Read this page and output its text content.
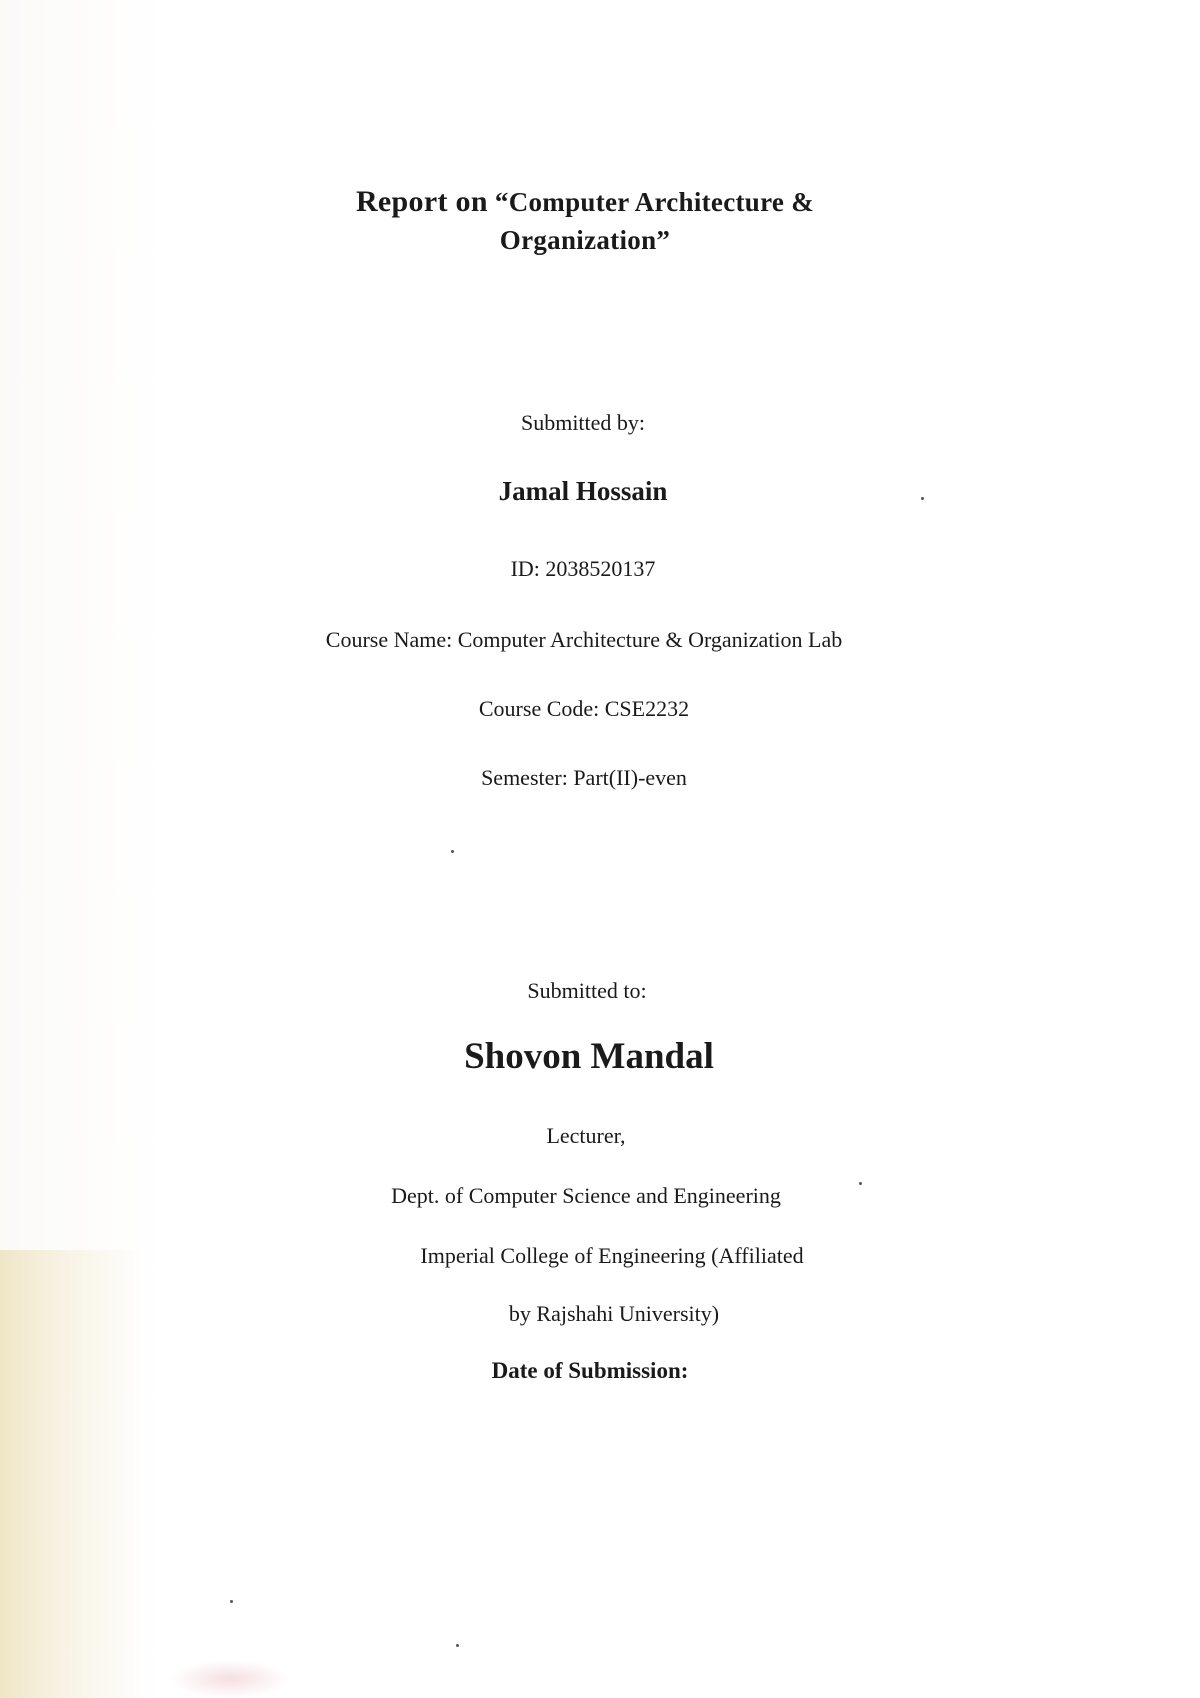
Report on “Computer Architecture &
Organization”
Submitted by:
Jamal Hossain
ID: 2038520137
Course Name: Computer Architecture & Organization Lab
Course Code: CSE2232
Semester: Part(II)-even
Submitted to:
Shovon Mandal
Lecturer,
Dept. of Computer Science and Engineering
Imperial College of Engineering (Affiliated
by Rajshahi University)
Date of Submission:
